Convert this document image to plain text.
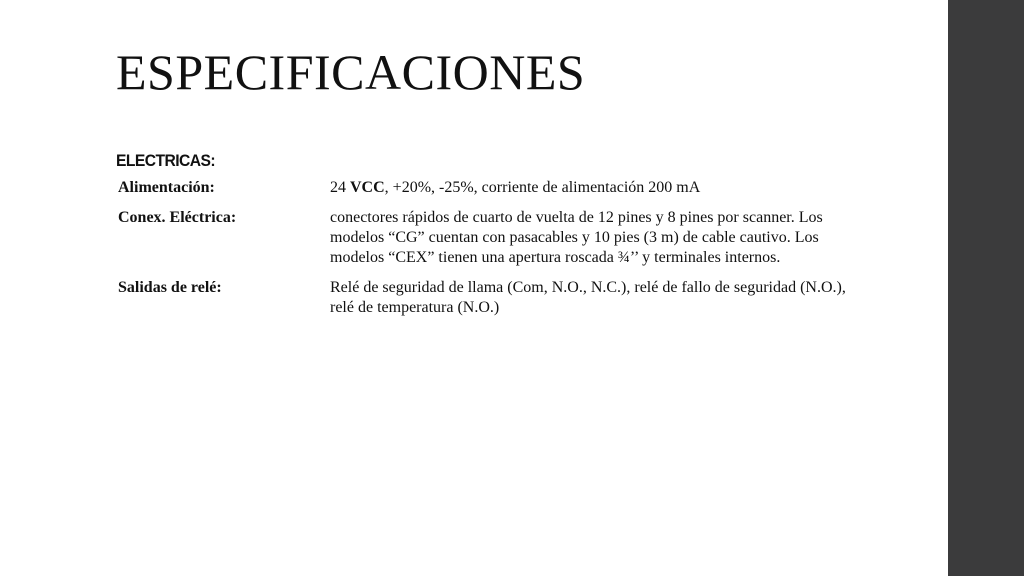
ESPECIFICACIONES
ELECTRICAS:
Alimentación:	24 VCC, +20%, -25%, corriente de alimentación 200 mA
Conex. Eléctrica:	conectores rápidos de cuarto de vuelta de 12 pines y 8 pines por scanner. Los modelos “CG” cuentan con pasacables y 10 pies (3 m) de cable cautivo. Los modelos “CEX” tienen una apertura roscada ¾’’ y terminales internos.
Salidas de relé:	Relé de seguridad de llama (Com, N.O., N.C.), relé de fallo de seguridad (N.O.), relé de temperatura (N.O.)
